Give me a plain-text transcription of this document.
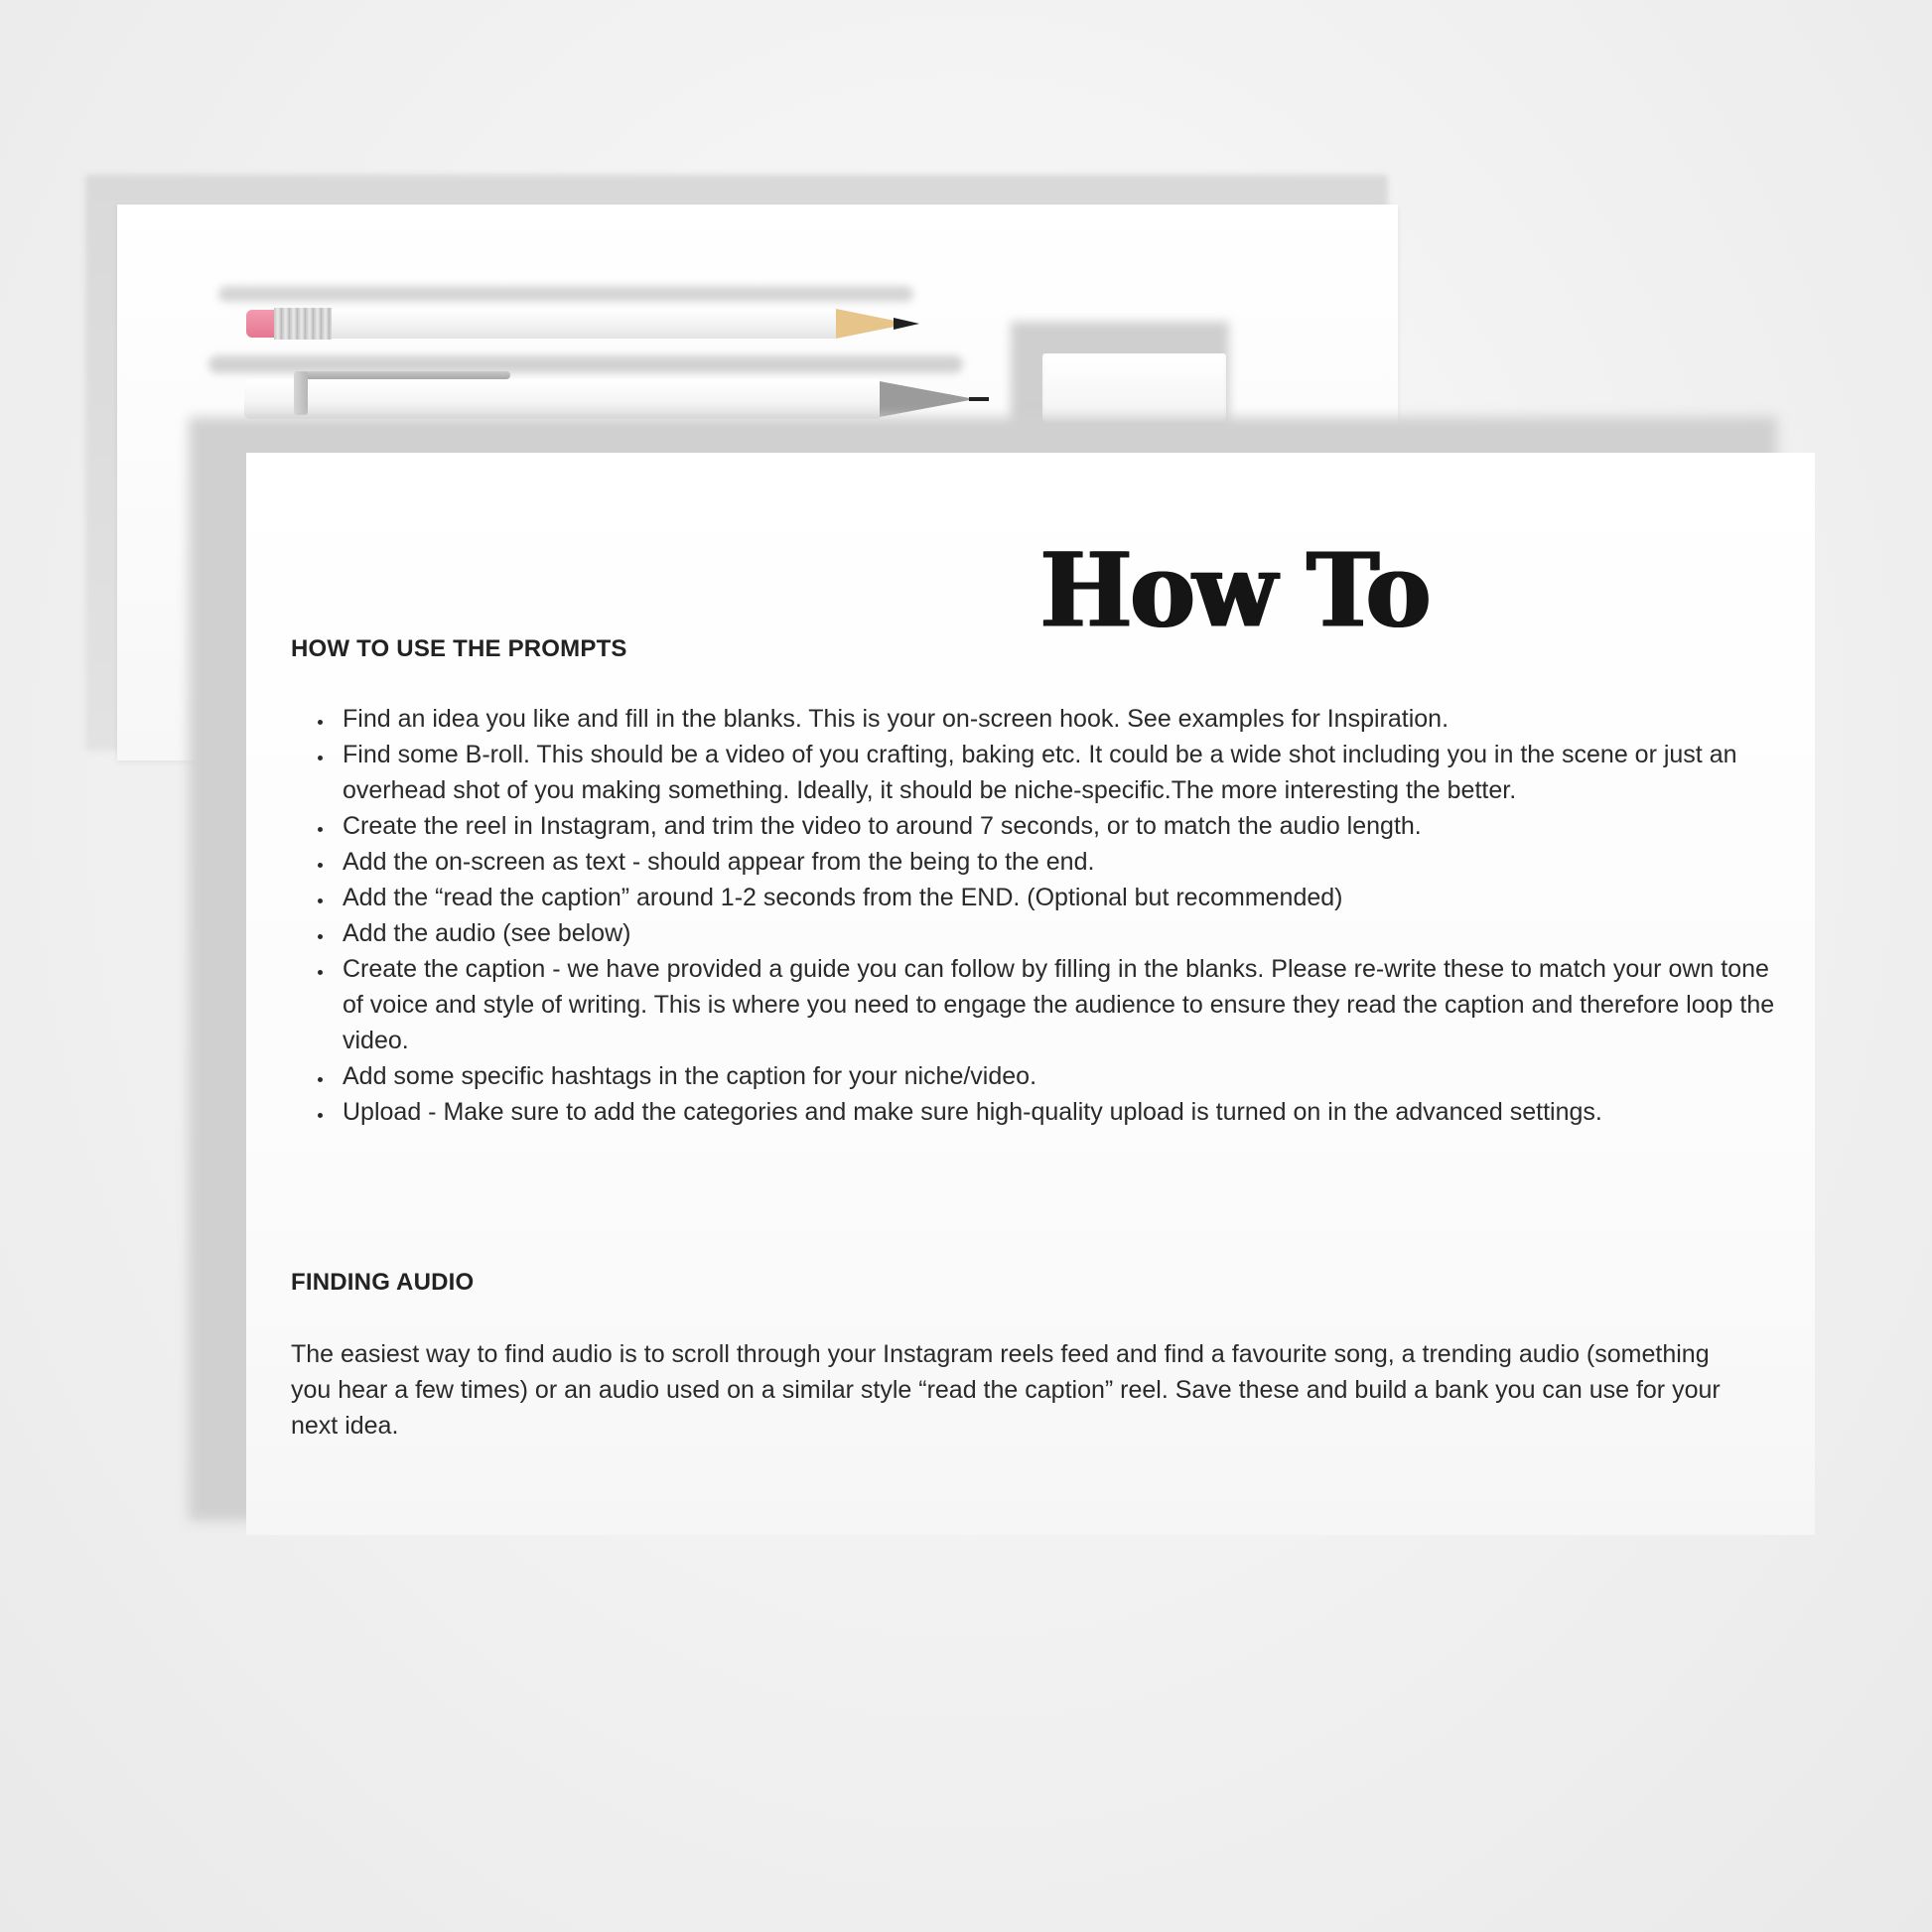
How To
HOW TO USE THE PROMPTS
• Find an idea you like and fill in the blanks. This is your on-screen hook. See examples for Inspiration.
• Find some B-roll. This should be a video of you crafting, baking etc. It could be a wide shot including you in the scene or just an overhead shot of you making something. Ideally, it should be niche-specific.The more interesting the better.
• Create the reel in Instagram, and trim the video to around 7 seconds, or to match the audio length.
• Add the on-screen as text - should appear from the being to the end.
• Add the “read the caption” around 1-2 seconds from the END. (Optional but recommended)
• Add the audio (see below)
• Create the caption - we have provided a guide you can follow by filling in the blanks. Please re-write these to match your own tone of voice and style of writing. This is where you need to engage the audience to ensure they read the caption and therefore loop the video.
• Add some specific hashtags in the caption for your niche/video.
• Upload - Make sure to add the categories and make sure high-quality upload is turned on in the advanced settings.
FINDING AUDIO

The easiest way to find audio is to scroll through your Instagram reels feed and find a favourite song, a trending audio (something you hear a few times) or an audio used on a similar style “read the caption” reel. Save these and build a bank you can use for your next idea.
